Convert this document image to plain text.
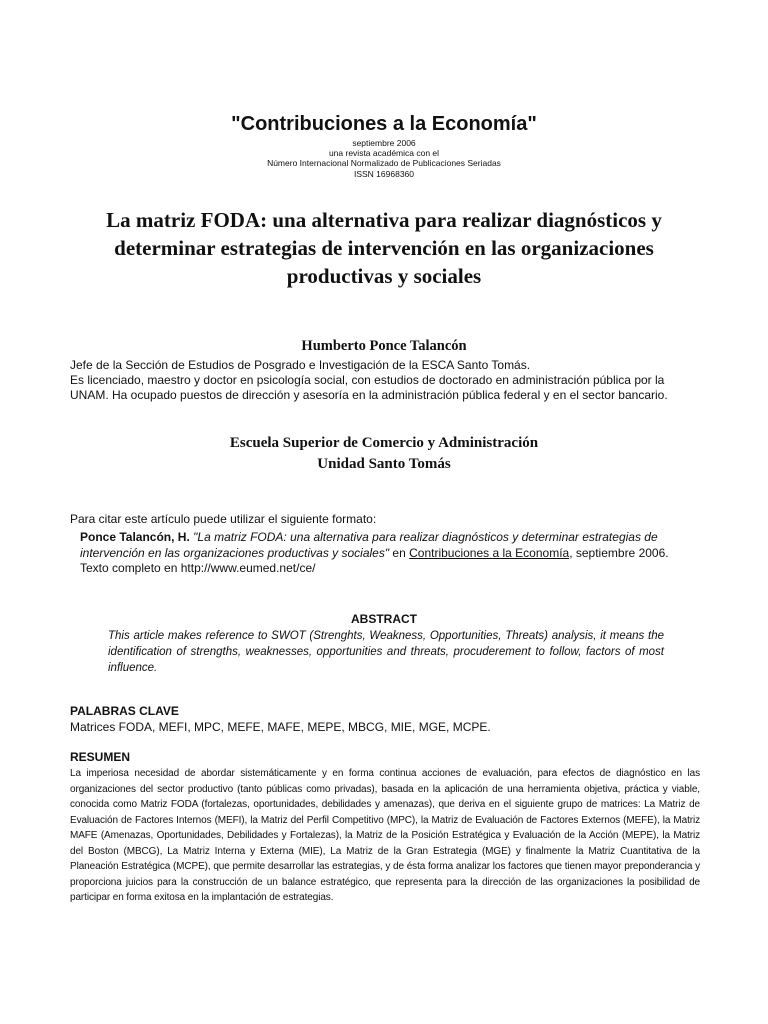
"Contribuciones a la Economía"
septiembre 2006
una revista académica con el
Número Internacional Normalizado de Publicaciones Seriadas
ISSN 16968360
La matriz FODA: una alternativa para realizar diagnósticos y
determinar estrategias de intervención en las organizaciones
productivas y sociales
Humberto Ponce Talancón
Jefe de la Sección de Estudios de Posgrado e Investigación de la ESCA Santo Tomás.
Es licenciado, maestro y doctor en psicología social, con estudios de doctorado en administración pública por la
UNAM. Ha ocupado puestos de dirección y asesoría en la administración pública federal y en el sector bancario.
Escuela Superior de Comercio y Administración
Unidad Santo Tomás
Para citar este artículo puede utilizar el siguiente formato:
Ponce Talancón, H. "La matriz FODA: una alternativa para realizar diagnósticos y determinar estrategias de intervención en las organizaciones productivas y sociales" en Contribuciones a la Economía, septiembre 2006.
Texto completo en http://www.eumed.net/ce/
ABSTRACT
This article makes reference to SWOT (Strenghts, Weakness, Opportunities, Threats) analysis, it means the identification of strengths, weaknesses, opportunities and threats, procuderement to follow, factors of most influence.
PALABRAS CLAVE
Matrices FODA, MEFI, MPC, MEFE, MAFE, MEPE, MBCG, MIE, MGE, MCPE.
RESUMEN
La imperiosa necesidad de abordar sistemáticamente y en forma continua acciones de evaluación, para efectos de diagnóstico en las organizaciones del sector productivo (tanto públicas como privadas), basada en la aplicación de una herramienta objetiva, práctica y viable, conocida como Matriz FODA (fortalezas, oportunidades, debilidades y amenazas), que deriva en el siguiente grupo de matrices: La Matriz de Evaluación de Factores Internos (MEFI), la Matriz del Perfil Competitivo (MPC), la Matriz de Evaluación de Factores Externos (MEFE), la Matriz MAFE (Amenazas, Oportunidades, Debilidades y Fortalezas), la Matriz de la Posición Estratégica y Evaluación de la Acción (MEPE), la Matriz del Boston (MBCG), La Matriz Interna y Externa (MIE), La Matriz de la Gran Estrategia (MGE) y finalmente la Matriz Cuantitativa de la Planeación Estratégica (MCPE), que permite desarrollar las estrategias, y de ésta forma analizar los factores que tienen mayor preponderancia y proporciona juicios para la construcción de un balance estratégico, que representa para la dirección de las organizaciones la posibilidad de participar en forma exitosa en la implantación de estrategias.
